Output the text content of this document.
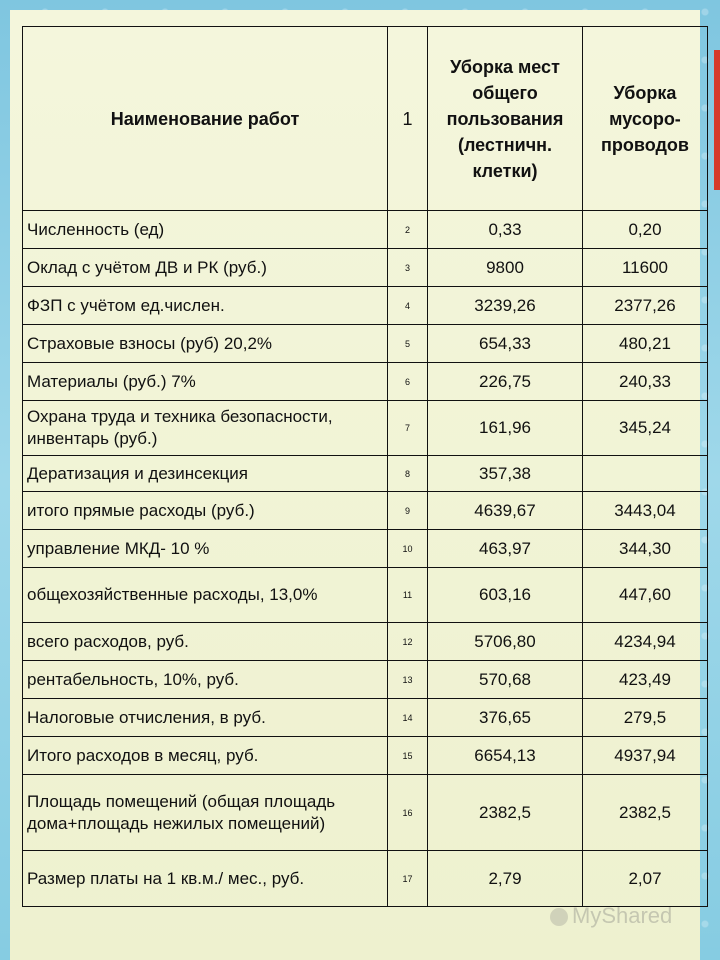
Наименование работ	1	Уборка мест общего пользования (лестничн. клетки)	Уборка мусоро-проводов
Численность (ед)	2	0,33	0,20
Оклад с учётом ДВ и РК (руб.)	3	9800	11600
ФЗП с учётом ед.числен.	4	3239,26	2377,26
Страховые взносы (руб) 20,2%	5	654,33	480,21
Материалы (руб.) 7%	6	226,75	240,33
Охрана труда и техника безопасности, инвентарь (руб.)	7	161,96	345,24
Дератизация и дезинсекция	8	357,38	
итого прямые расходы (руб.)	9	4639,67	3443,04
управление МКД- 10 %	10	463,97	344,30
общехозяйственные расходы, 13,0%	11	603,16	447,60
всего расходов, руб.	12	5706,80	4234,94
рентабельность, 10%, руб.	13	570,68	423,49
Налоговые отчисления, в руб.	14	376,65	279,5
Итого расходов в месяц, руб.	15	6654,13	4937,94
Площадь помещений (общая площадь дома+площадь нежилых помещений)	16	2382,5	2382,5
Размер платы на 1 кв.м./ мес., руб.	17	2,79	2,07
MyShared
